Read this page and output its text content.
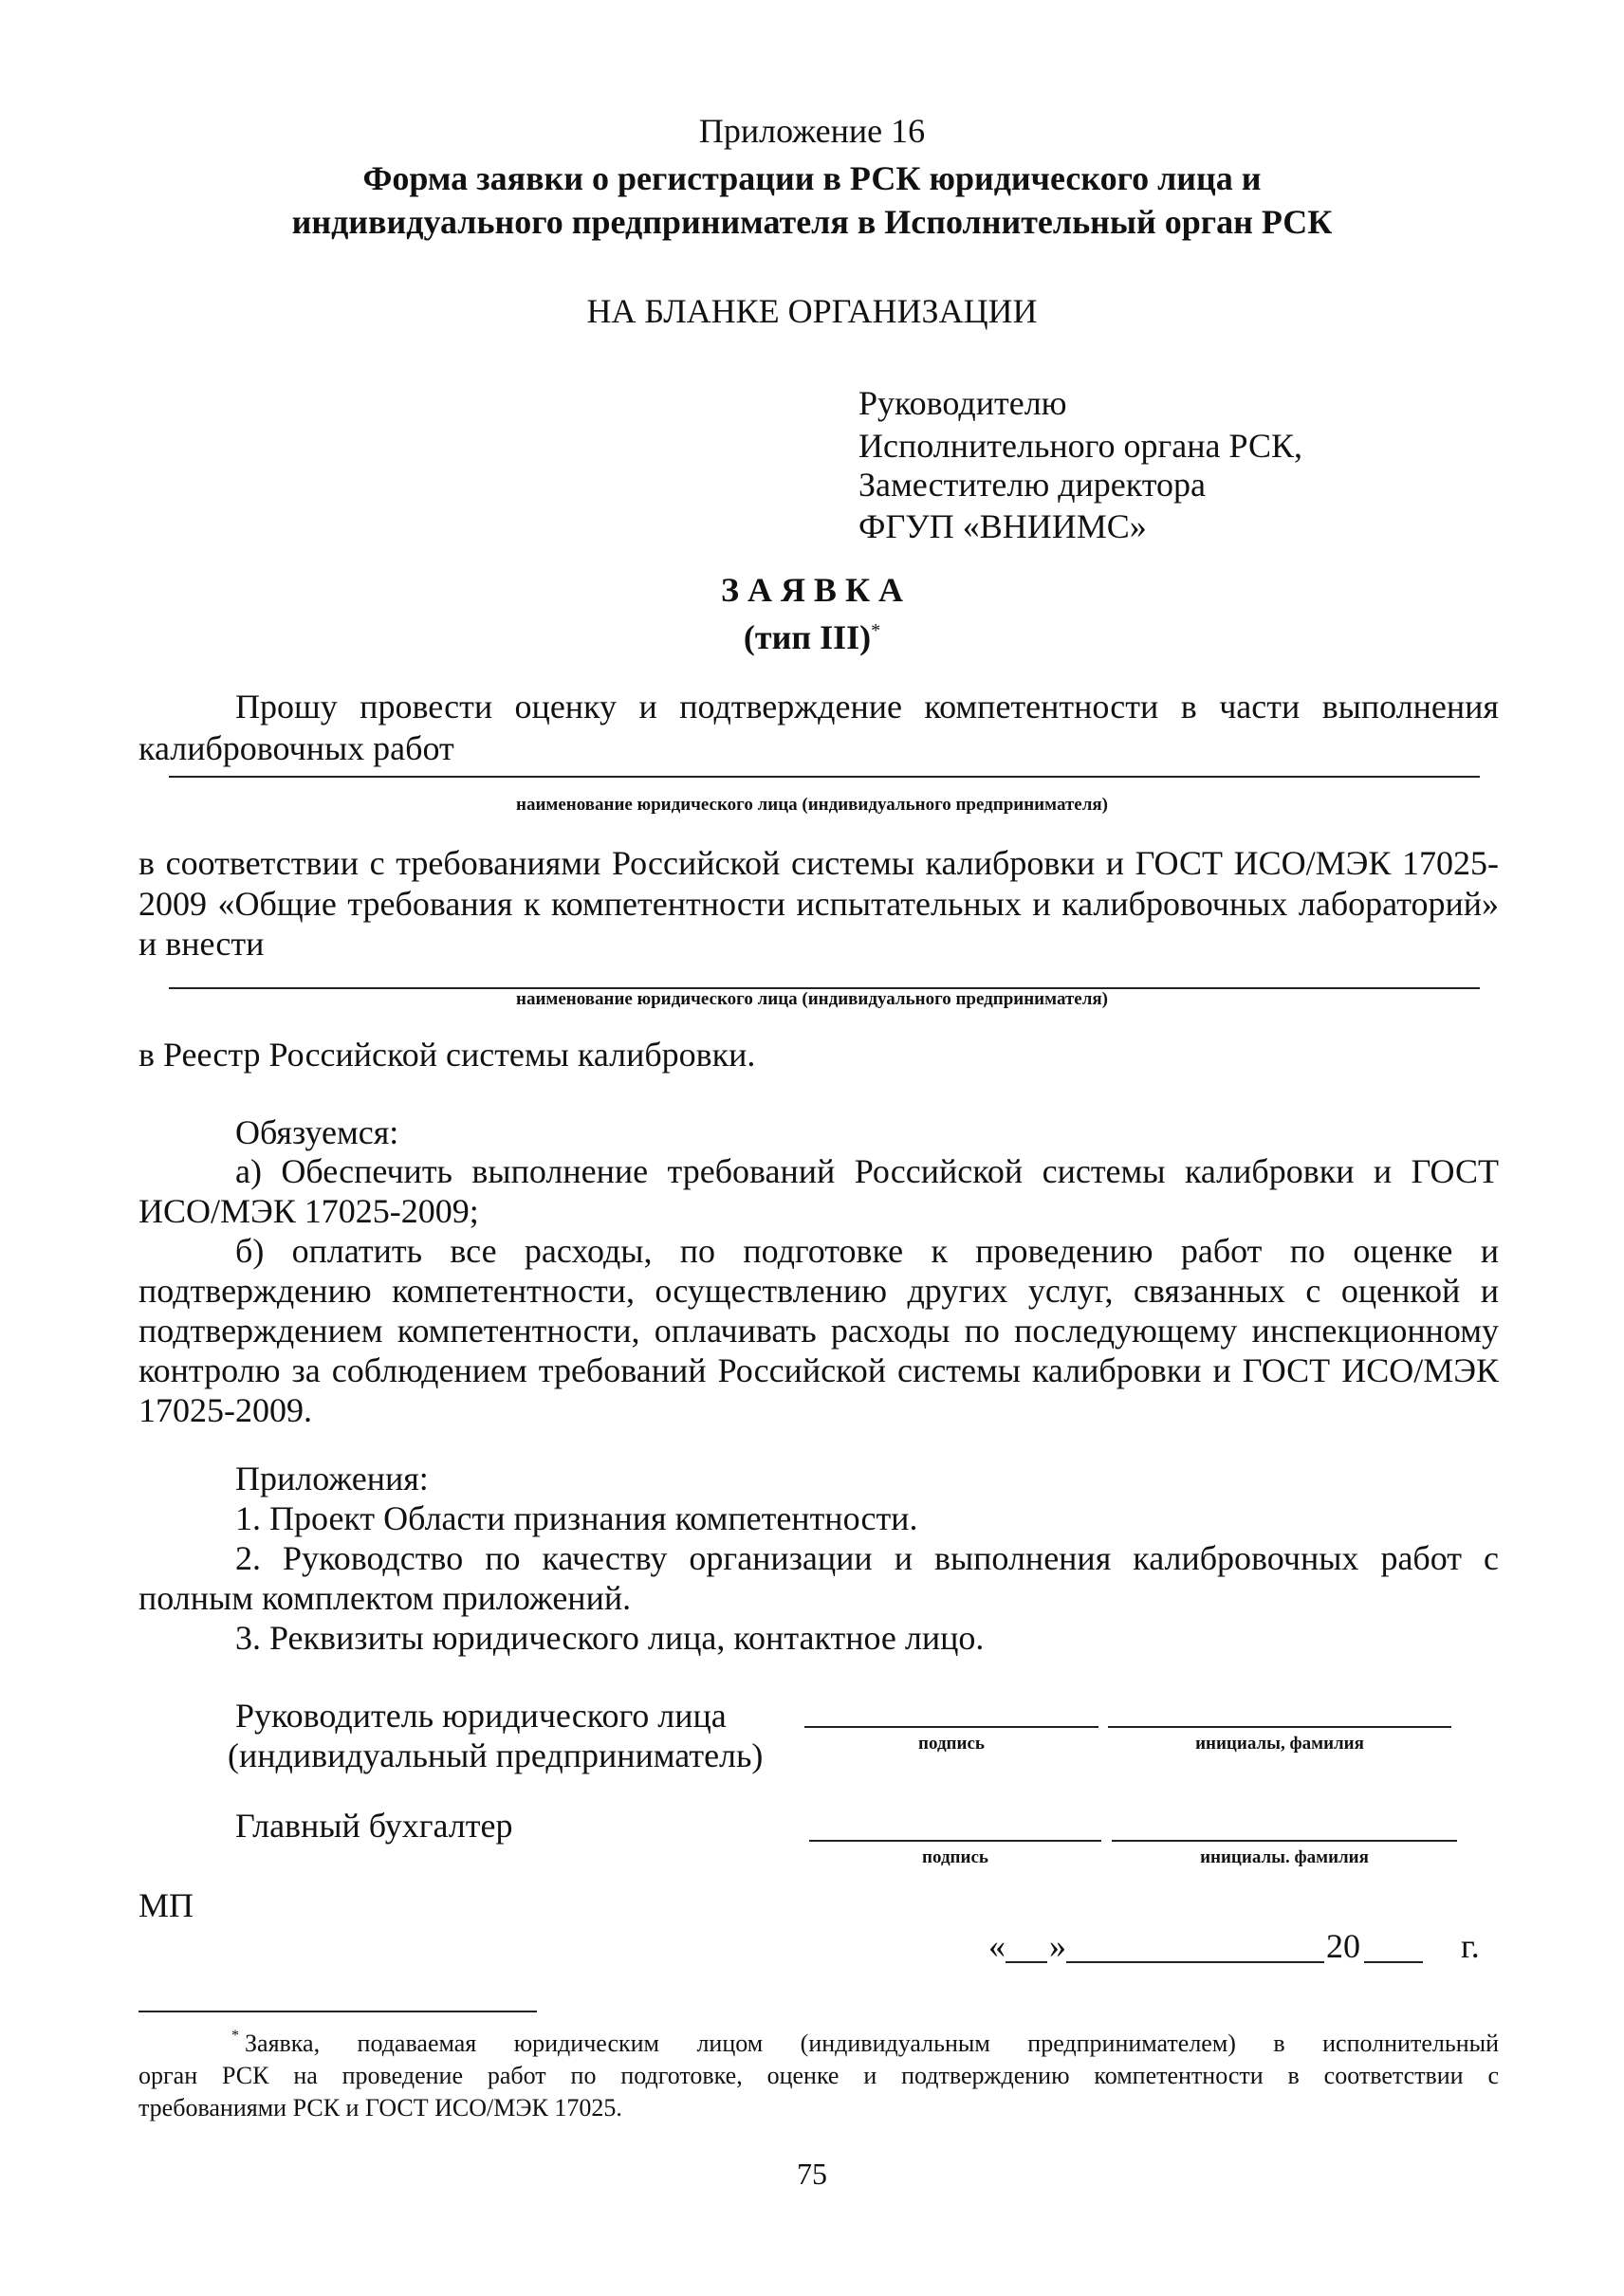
Приложение 16
Форма заявки о регистрации в РСК юридического лица и
индивидуального предпринимателя в Исполнительный орган РСК
НА БЛАНКЕ ОРГАНИЗАЦИИ
Руководителю
Исполнительного органа РСК,
Заместителю директора
ФГУП «ВНИИМС»
З А Я В К А
(тип III)*
Прошу провести оценку и подтверждение компетентности в части выполнения
калибровочных работ
наименование юридического лица (индивидуального предпринимателя)
в соответствии с требованиями Российской системы калибровки и ГОСТ ИСО/МЭК 17025-
2009 «Общие требования к компетентности испытательных и калибровочных лабораторий»
и внести
наименование юридического лица (индивидуального предпринимателя)
в Реестр Российской системы калибровки.
Обязуемся:
а) Обеспечить выполнение требований Российской системы калибровки и ГОСТ
ИСО/МЭК 17025-2009;
б) оплатить все расходы, по подготовке к проведению работ по оценке и
подтверждению компетентности, осуществлению других услуг, связанных с оценкой и
подтверждением компетентности, оплачивать расходы по последующему инспекционному
контролю за соблюдением требований Российской системы калибровки и ГОСТ ИСО/МЭК
17025-2009.
Приложения:
1. Проект Области признания компетентности.
2. Руководство по качеству организации и выполнения калибровочных работ с
полным комплектом приложений.
3. Реквизиты юридического лица, контактное лицо.
Руководитель юридического лица
(индивидуальный предприниматель)	подпись	инициалы, фамилия
Главный бухгалтер
подпись	инициалы. фамилия
МП
« »	20	г.
* Заявка, подаваемая юридическим лицом (индивидуальным предпринимателем) в исполнительный
орган РСК на проведение работ по подготовке, оценке и подтверждению компетентности в соответствии с
требованиями РСК и ГОСТ ИСО/МЭК 17025.
75
